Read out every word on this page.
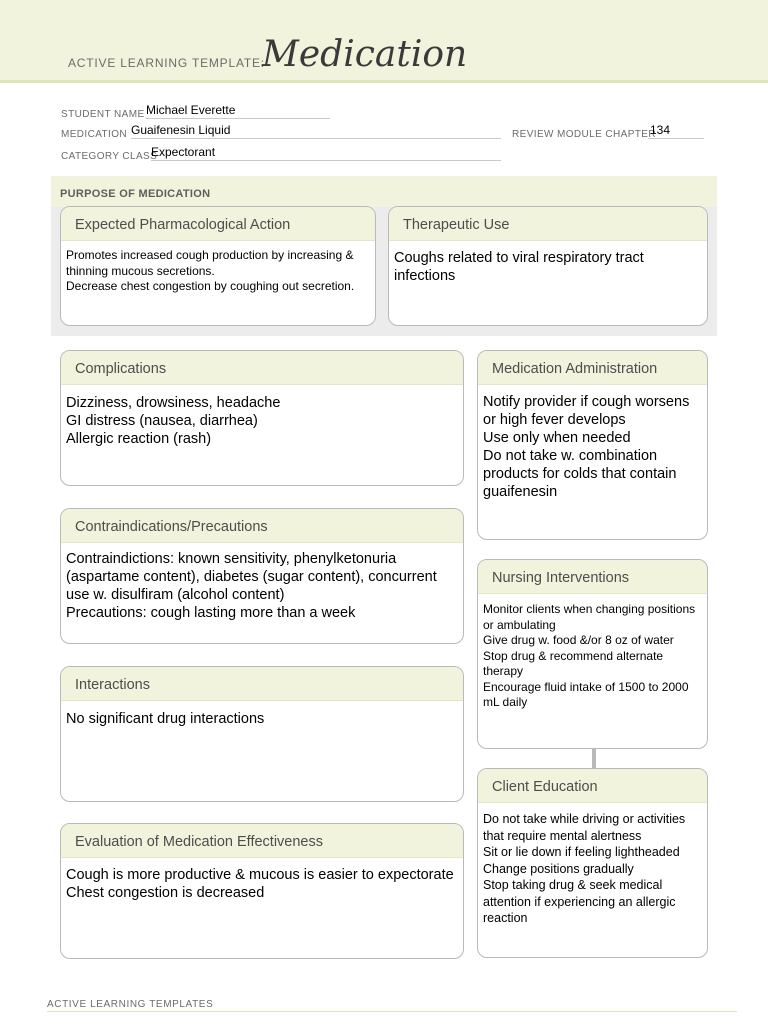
ACTIVE LEARNING TEMPLATE:
Medication
STUDENT NAME Michael Everette
MEDICATION Guaifenesin Liquid	REVIEW MODULE CHAPTER
134
CATEGORY CLASS
Expectorant
PURPOSE OF MEDICATION
Expected Pharmacological Action
Promotes increased cough production by increasing & thinning mucous secretions.
Decrease chest congestion by coughing out secretion.
Therapeutic Use
Coughs related to viral respiratory tract infections
Complications
Dizziness, drowsiness, headache
GI distress (nausea, diarrhea)
Allergic reaction (rash)
Medication Administration
Notify provider if cough worsens or high fever develops
Use only when needed
Do not take w. combination products for colds that contain guaifenesin
Contraindications/Precautions
Contraindictions: known sensitivity, phenylketonuria (aspartame content), diabetes (sugar content), concurrent use w. disulfiram (alcohol content)
Precautions: cough lasting more than a week
Nursing Interventions
Monitor clients when changing positions or ambulating
Give drug w. food &/or 8 oz of water
Stop drug & recommend alternate therapy
Encourage fluid intake of 1500 to 2000 mL daily
Interactions
No significant drug interactions
Client Education
Do not take while driving or activities that require mental alertness
Sit or lie down if feeling lightheaded
Change positions gradually
Stop taking drug & seek medical attention if experiencing an allergic reaction
Evaluation of Medication Effectiveness
Cough is more productive & mucous is easier to expectorate
Chest congestion is decreased
ACTIVE LEARNING TEMPLATES
